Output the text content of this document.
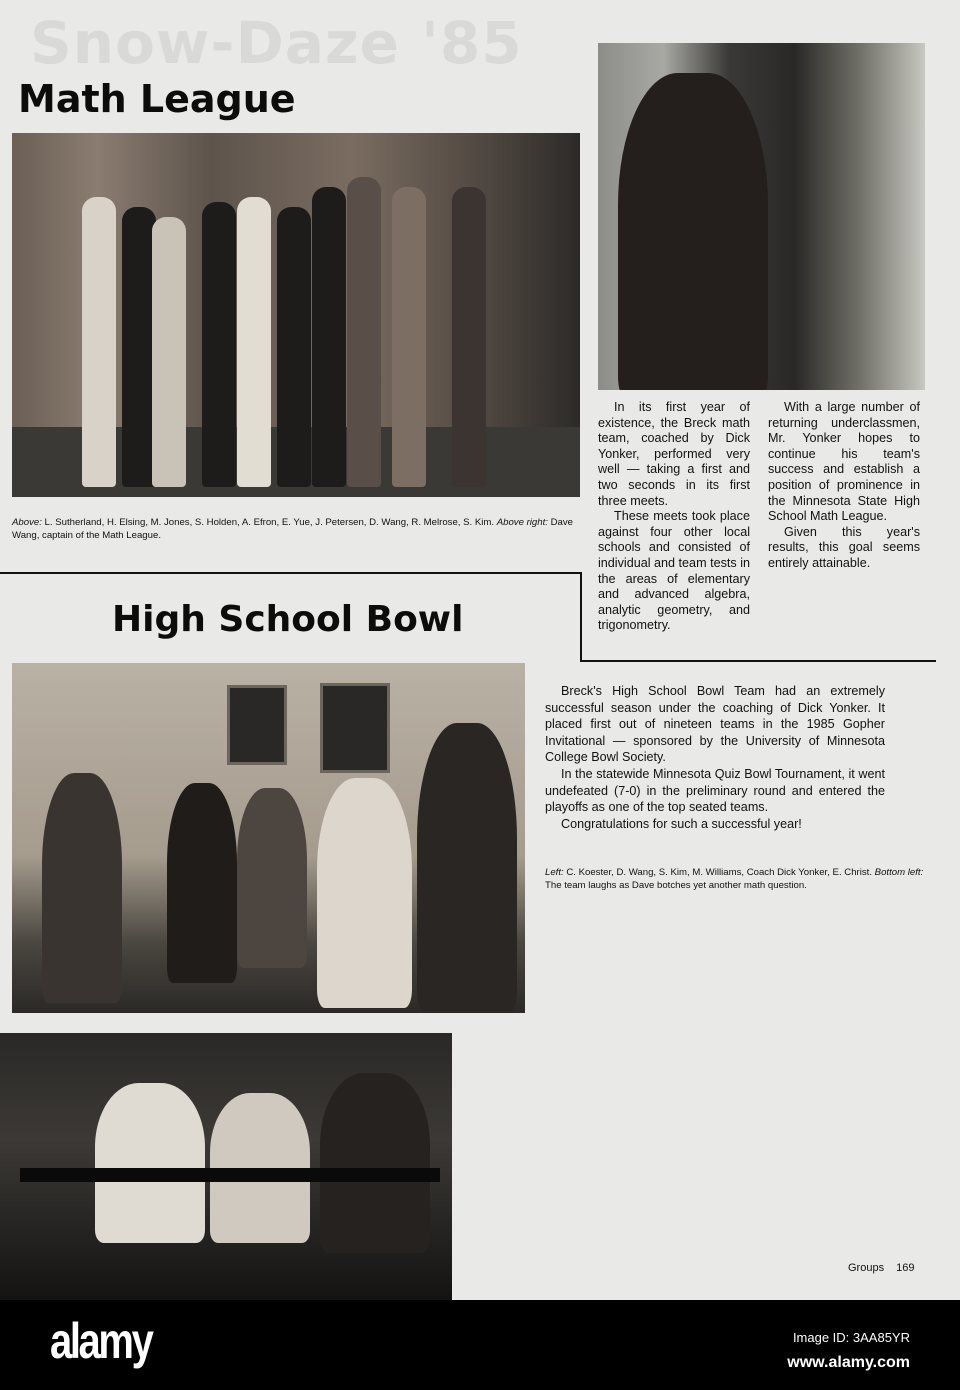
Snow-Daze '85
Math League

In its first year of existence, the Breck math team, coached by Dick Yonker, performed very well — taking a first and two seconds in its first three meets.

These meets took place against four other local schools and consisted of individual and team tests in the areas of elementary and advanced algebra, analytic geometry, and trigonometry.

With a large number of returning underclassmen, Mr. Yonker hopes to continue his team's success and establish a position of prominence in the Minnesota State High School Math League.

Given this year's results, this goal seems entirely attainable.

Above: L. Sutherland, H. Elsing, M. Jones, S. Holden, A. Efron, E. Yue, J. Petersen, D. Wang, R. Melrose, S. Kim. Above right: Dave Wang, captain of the Math League.
High School Bowl

Breck's High School Bowl Team had an extremely successful season under the coaching of Dick Yonker. It placed first out of nineteen teams in the 1985 Gopher Invitational — sponsored by the University of Minnesota College Bowl Society.

In the statewide Minnesota Quiz Bowl Tournament, it went undefeated (7-0) in the preliminary round and entered the playoffs as one of the top seated teams.

Congratulations for such a successful year!

Left: C. Koester, D. Wang, S. Kim, M. Williams, Coach Dick Yonker, E. Christ. Bottom left: The team laughs as Dave botches yet another math question.
Groups 169
alamy	Image ID: 3AA85YR
www.alamy.com
